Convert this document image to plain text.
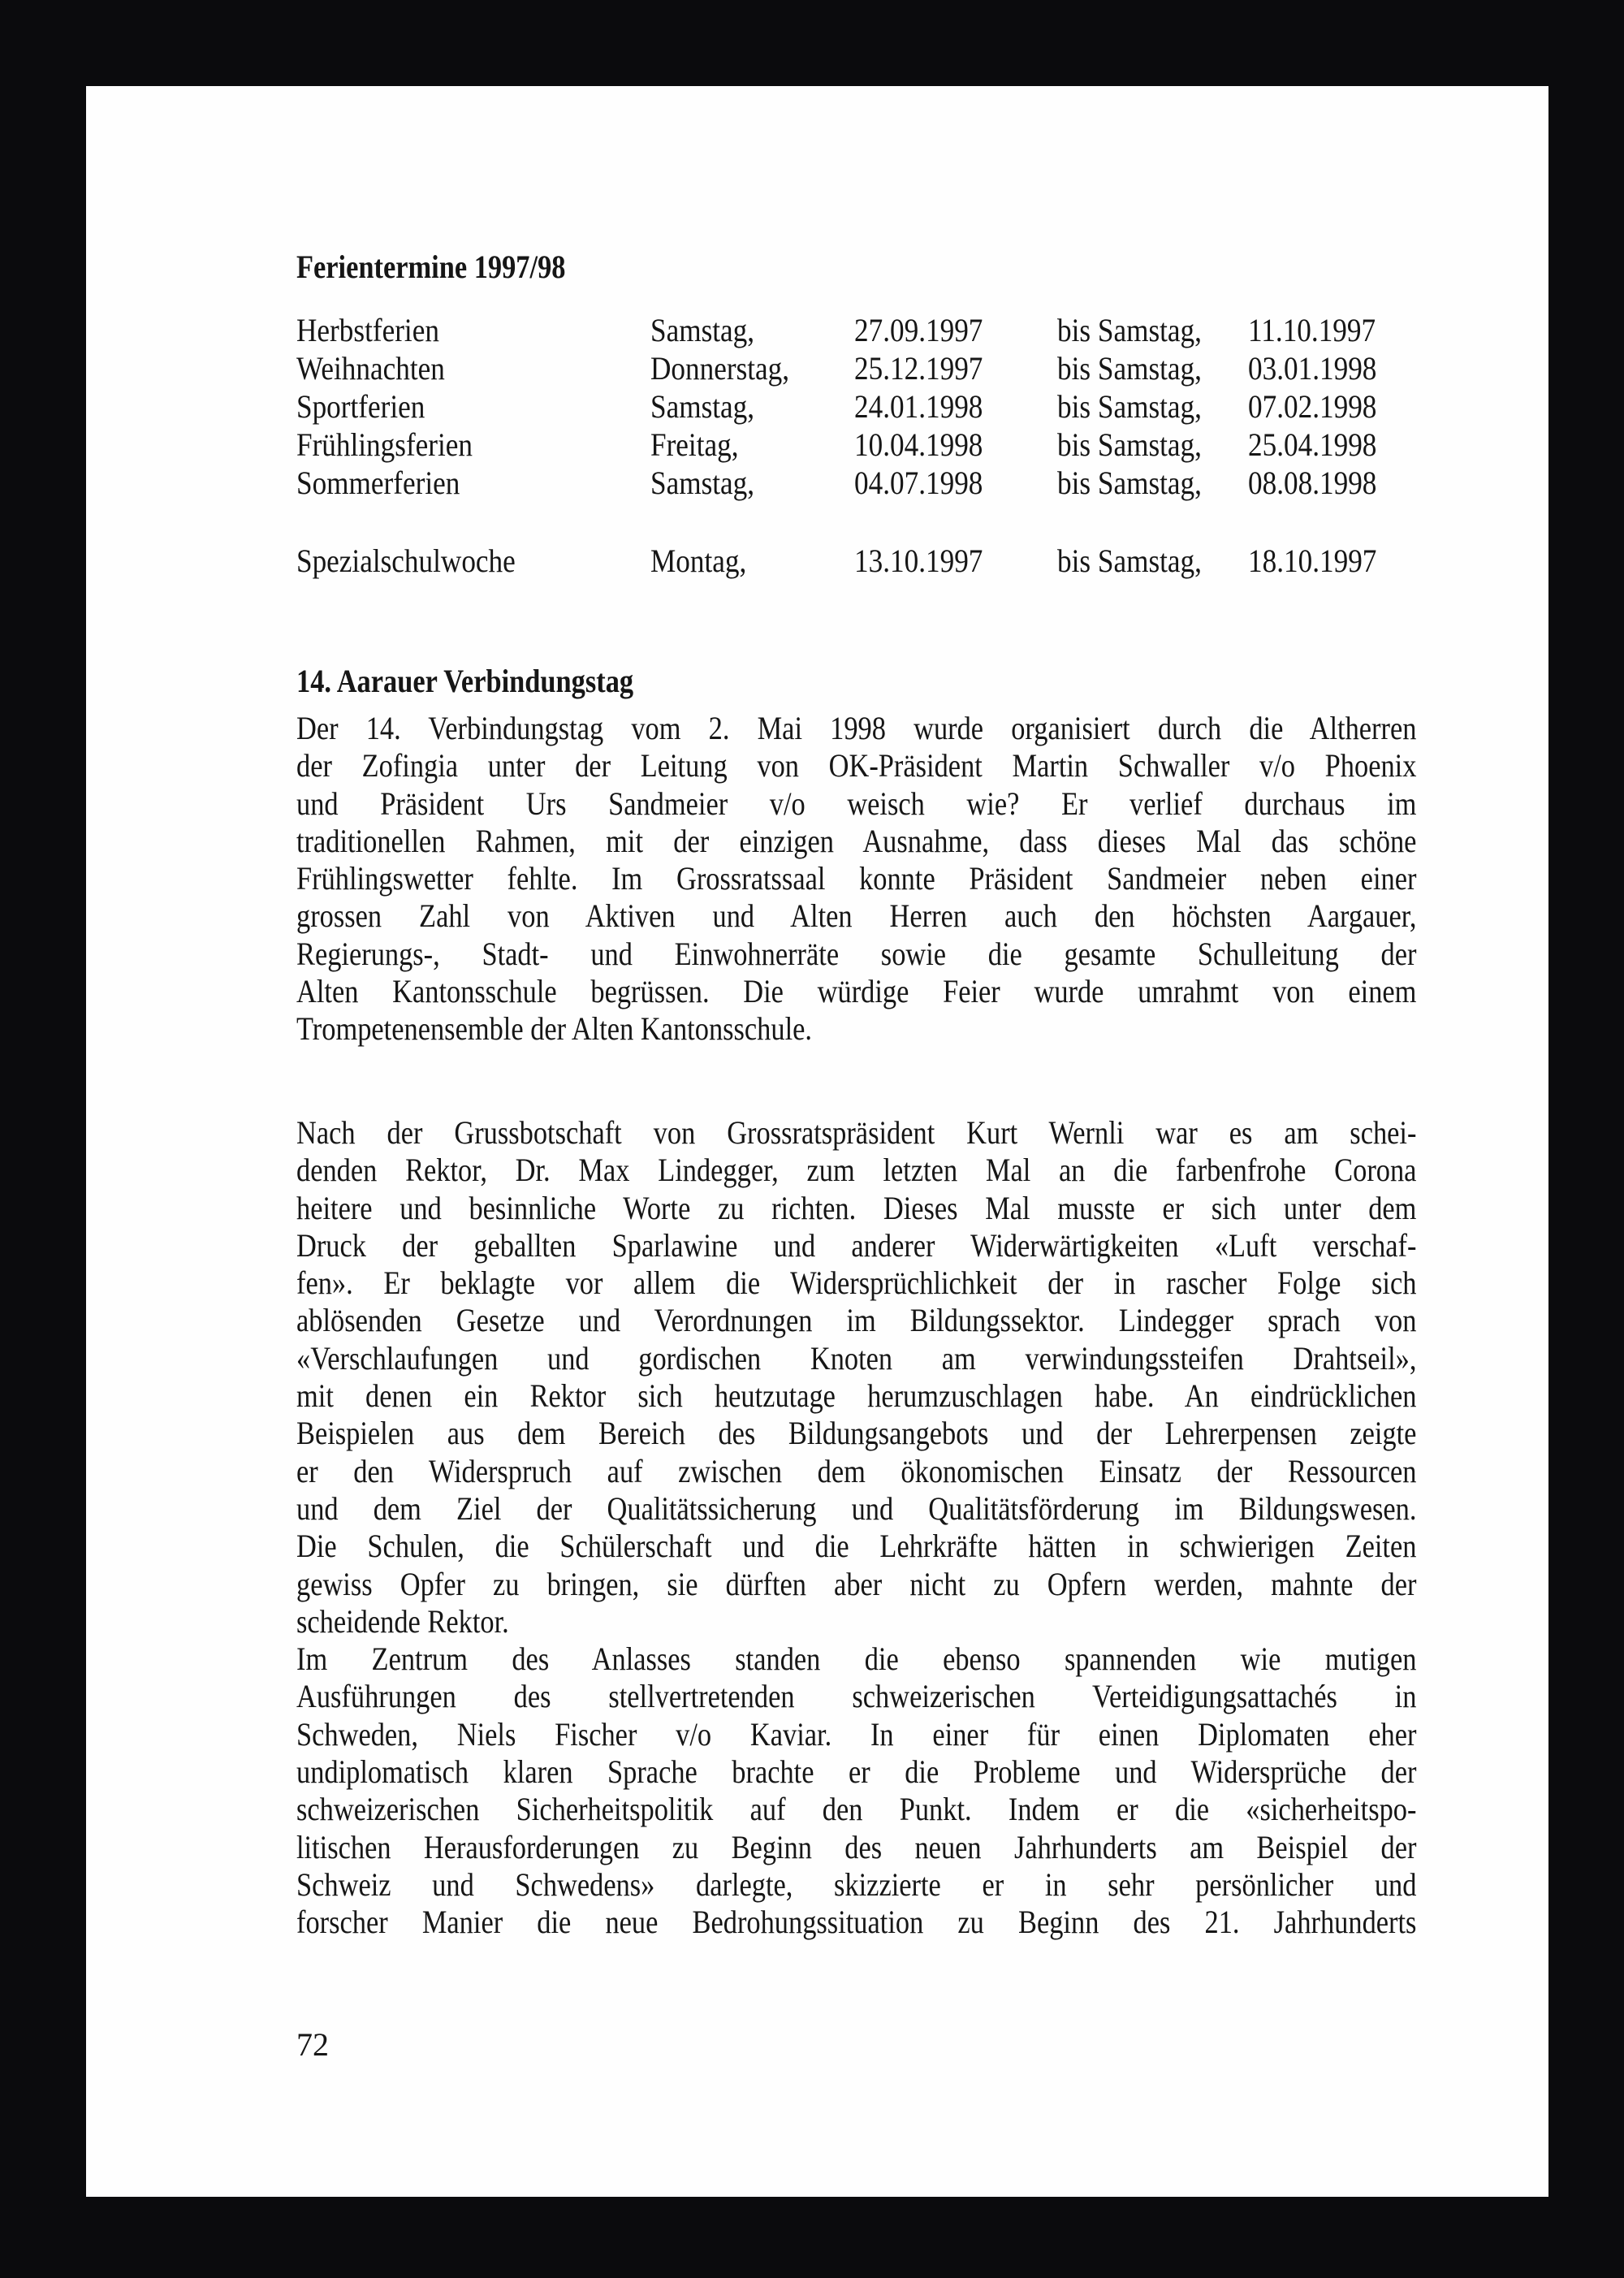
Ferientermine 1997/98
Herbstferien	Samstag,	27.09.1997 bis Samstag, 11.10.1997
Weihnachten	Donnerstag, 25.12.1997 bis Samstag, 03.01.1998
Sportferien	Samstag,	24.01.1998 bis Samstag, 07.02.1998
Frühlingsferien	Freitag,	10.04.1998 bis Samstag, 25.04.1998
Sommerferien	Samstag,	04.07.1998 bis Samstag, 08.08.1998
Spezialschulwoche	Montag,	13.10.1997 bis Samstag, 18.10.1997
14. Aarauer Verbindungstag
Der 14. Verbindungstag vom 2. Mai 1998 wurde organisiert durch die Altherren
der Zofingia unter der Leitung von OK-Präsident Martin Schwaller v/o Phoenix
und Präsident Urs Sandmeier v/o weisch wie? Er verlief durchaus im
traditionellen Rahmen, mit der einzigen Ausnahme, dass dieses Mal das schöne
Frühlingswetter fehlte. Im Grossratssaal konnte Präsident Sandmeier neben einer
grossen Zahl von Aktiven und Alten Herren auch den höchsten Aargauer,
Regierungs-, Stadt- und Einwohnerräte sowie die gesamte Schulleitung der
Alten Kantonsschule begrüssen. Die würdige Feier wurde umrahmt von einem
Trompetenensemble der Alten Kantonsschule.
Nach der Grussbotschaft von Grossratspräsident Kurt Wernli war es am schei-
denden Rektor, Dr. Max Lindegger, zum letzten Mal an die farbenfrohe Corona
heitere und besinnliche Worte zu richten. Dieses Mal musste er sich unter dem
Druck der geballten Sparlawine und anderer Widerwärtigkeiten «Luft verschaf-
fen». Er beklagte vor allem die Widersprüchlichkeit der in rascher Folge sich
ablösenden Gesetze und Verordnungen im Bildungssektor. Lindegger sprach von
«Verschlaufungen und gordischen Knoten am verwindungssteifen Drahtseil»,
mit denen ein Rektor sich heutzutage herumzuschlagen habe. An eindrücklichen
Beispielen aus dem Bereich des Bildungsangebots und der Lehrerpensen zeigte
er den Widerspruch auf zwischen dem ökonomischen Einsatz der Ressourcen
und dem Ziel der Qualitätssicherung und Qualitätsförderung im Bildungswesen.
Die Schulen, die Schülerschaft und die Lehrkräfte hätten in schwierigen Zeiten
gewiss Opfer zu bringen, sie dürften aber nicht zu Opfern werden, mahnte der
scheidende Rektor.
Im Zentrum des Anlasses standen die ebenso spannenden wie mutigen
Ausführungen des stellvertretenden schweizerischen Verteidigungsattachés in
Schweden, Niels Fischer v/o Kaviar. In einer für einen Diplomaten eher
undiplomatisch klaren Sprache brachte er die Probleme und Widersprüche der
schweizerischen Sicherheitspolitik auf den Punkt. Indem er die «sicherheitspo-
litischen Herausforderungen zu Beginn des neuen Jahrhunderts am Beispiel der
Schweiz und Schwedens» darlegte, skizzierte er in sehr persönlicher und
forscher Manier die neue Bedrohungssituation zu Beginn des 21. Jahrhunderts
72
